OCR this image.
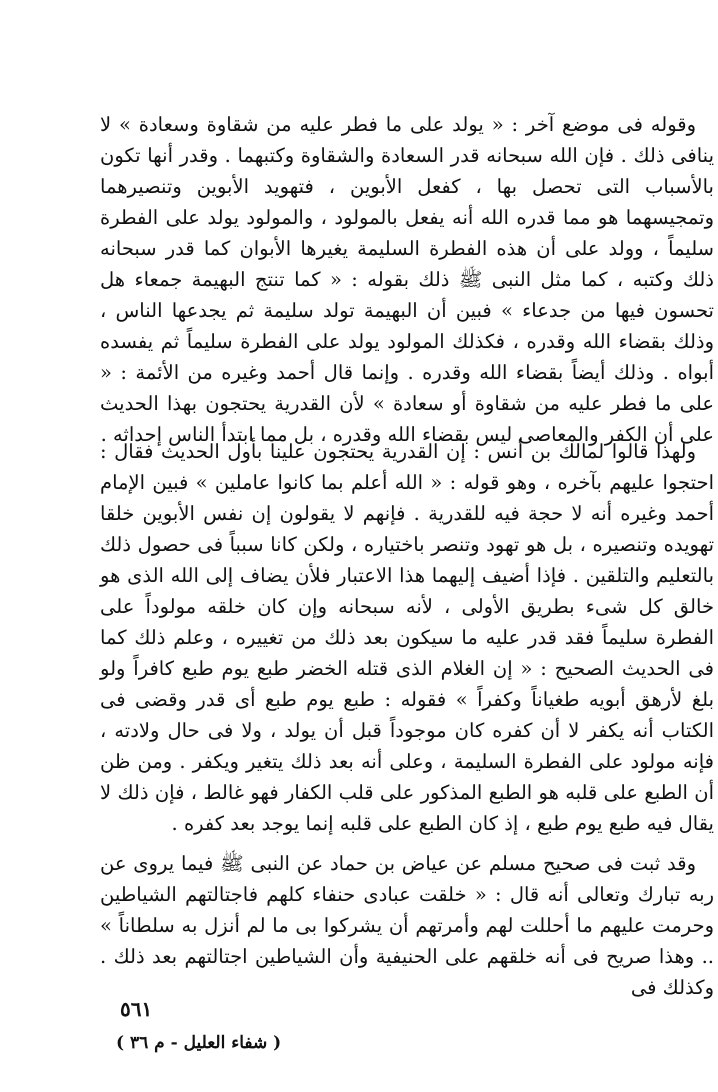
وقوله فى موضع آخر : « يولد على ما فطر عليه من شقاوة وسعادة » لا ينافى ذلك . فإن الله سبحانه قدر السعادة والشقاوة وكتبهما . وقدر أنها تكون بالأسباب التى تحصل بها ، كفعل الأبوين ، فتهويد الأبوين وتنصيرهما وتمجيسهما هو مما قدره الله أنه يفعل بالمولود ، والمولود يولد على الفطرة سليماً ، وولد على أن هذه الفطرة السليمة يغيرها الأبوان كما قدر سبحانه ذلك وكتبه ، كما مثل النبى ﷺ ذلك بقوله : « كما تنتج البهيمة جمعاء هل تحسون فيها من جدعاء » فبين أن البهيمة تولد سليمة ثم يجدعها الناس ، وذلك بقضاء الله وقدره ، فكذلك المولود يولد على الفطرة سليماً ثم يفسده أبواه . وذلك أيضاً بقضاء الله وقدره . وإنما قال أحمد وغيره من الأئمة : « على ما فطر عليه من شقاوة أو سعادة » لأن القدرية يحتجون بهذا الحديث على أن الكفر والمعاصى ليس بقضاء الله وقدره ، بل مما ابتدأ الناس إحداثه .

ولهذا قالوا لمالك بن أنس : إن القدرية يحتجون علينا بأول الحديث فقال : احتجوا عليهم بآخره ، وهو قوله : « الله أعلم بما كانوا عاملين » فبين الإمام أحمد وغيره أنه لا حجة فيه للقدرية . فإنهم لا يقولون إن نفس الأبوين خلقا تهويده وتنصيره ، بل هو تهود وتنصر باختياره ، ولكن كانا سبباً فى حصول ذلك بالتعليم والتلقين . فإذا أضيف إليهما هذا الاعتبار فلأن يضاف إلى الله الذى هو خالق كل شىء بطريق الأولى ، لأنه سبحانه وإن كان خلقه مولوداً على الفطرة سليماً فقد قدر عليه ما سيكون بعد ذلك من تغييره ، وعلم ذلك كما فى الحديث الصحيح : « إن الغلام الذى قتله الخضر طبع يوم طبع كافراً ولو بلغ لأرهق أبويه طغياناً وكفراً » فقوله : طبع يوم طبع أى قدر وقضى فى الكتاب أنه يكفر لا أن كفره كان موجوداً قبل أن يولد ، ولا فى حال ولادته ، فإنه مولود على الفطرة السليمة ، وعلى أنه بعد ذلك يتغير ويكفر . ومن ظن أن الطبع على قلبه هو الطبع المذكور على قلب الكفار فهو غالط ، فإن ذلك لا يقال فيه طبع يوم طبع ، إذ كان الطبع على قلبه إنما يوجد بعد كفره .

وقد ثبت فى صحيح مسلم عن عياض بن حماد عن النبى ﷺ فيما يروى عن ربه تبارك وتعالى أنه قال : « خلقت عبادى حنفاء كلهم فاجتالتهم الشياطين وحرمت عليهم ما أحللت لهم وأمرتهم أن يشركوا بى ما لم أنزل به سلطاناً » .. وهذا صريح فى أنه خلقهم على الحنيفية وأن الشياطين اجتالتهم بعد ذلك . وكذلك فى

٥٦١
( شفاء العليل - م ٣٦ )
